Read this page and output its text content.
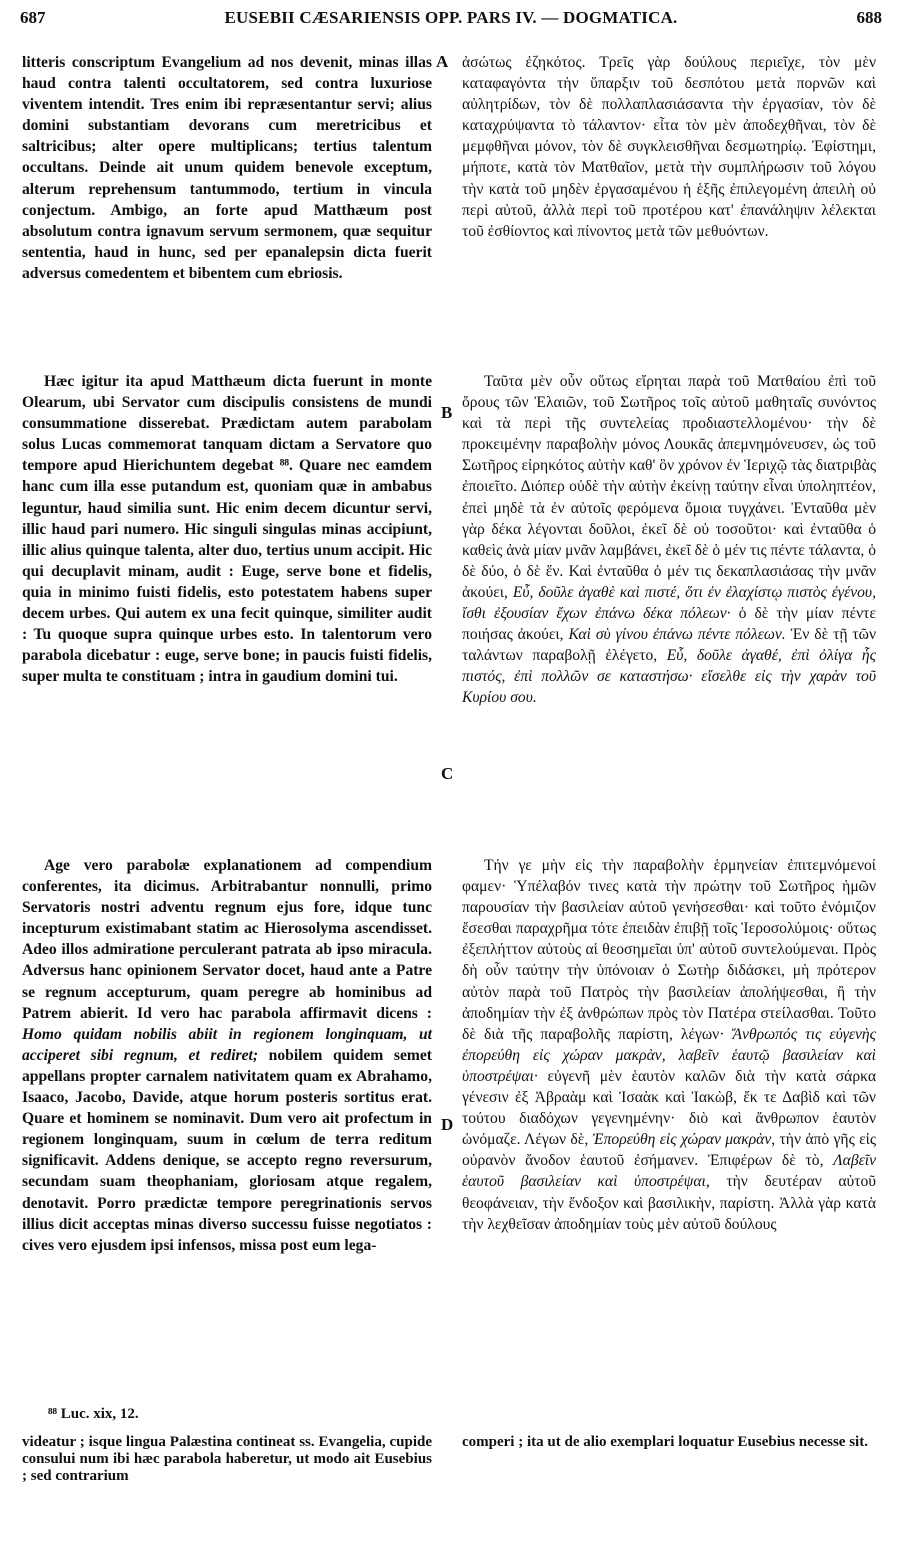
687	EUSEBII CÆSARIENSIS OPP. PARS IV. — DOGMATICA.	688
A
B
C
D

litteris conscriptum Evangelium ad nos devenit, minas illas haud contra talenti occultatorem, sed contra luxuriose viventem intendit. Tres enim ibi repræsentantur servi; alius domini substantiam devorans cum meretricibus et saltricibus; alter opere multiplicans; tertius talentum occultans. Deinde ait unum quidem benevole exceptum, alterum reprehensum tantummodo, tertium in vincula conjectum. Ambigo, an forte apud Matthæum post absolutum contra ignavum servum sermonem, quæ sequitur sententia, haud in hunc, sed per epanalepsin dicta fuerit adversus comedentem et bibentem cum ebriosis.

Hæc igitur ita apud Matthæum dicta fuerunt in monte Olearum, ubi Servator cum discipulis consistens de mundi consummatione disserebat. Prædictam autem parabolam solus Lucas commemorat tanquam dictam a Servatore quo tempore apud Hierichuntem degebat ⁸⁸. Quare nec eamdem hanc cum illa esse putandum est, quoniam quæ in ambabus leguntur, haud similia sunt. Hic enim decem dicuntur servi, illic haud pari numero. Hic singuli singulas minas accipiunt, illic alius quinque talenta, alter duo, tertius unum accipit. Hic qui decuplavit minam, audit : Euge, serve bone et fidelis, quia in minimo fuisti fidelis, esto potestatem habens super decem urbes. Qui autem ex una fecit quinque, similiter audit : Tu quoque supra quinque urbes esto. In talentorum vero parabola dicebatur : euge, serve bone; in paucis fuisti fidelis, super multa te constituam ; intra in gaudium domini tui.

Age vero parabolæ explanationem ad compendium conferentes, ita dicimus. Arbitrabantur nonnulli, primo Servatoris nostri adventu regnum ejus fore, idque tunc incepturum existimabant statim ac Hierosolyma ascendisset. Adeo illos admiratione perculerant patrata ab ipso miracula. Adversus hanc opinionem Servator docet, haud ante a Patre se regnum accepturum, quam peregre ab hominibus ad Patrem abierit. Id vero hac parabola affirmavit dicens : Homo quidam nobilis abiit in regionem longinquam, ut acciperet sibi regnum, et rediret; nobilem quidem semet appellans propter carnalem nativitatem quam ex Abrahamo, Isaaco, Jacobo, Davide, atque horum posteris sortitus erat. Quare et hominem se nominavit. Dum vero ait profectum in regionem longinquam, suum in cœlum de terra reditum significavit. Addens denique, se accepto regno reversurum, secundam suam theophaniam, gloriosam atque regalem, denotavit. Porro prædictæ tempore peregrinationis servos illius dicit acceptas minas diverso successu fuisse negotiatos : cives vero ejusdem ipsi infensos, missa post eum lega-

⁸⁸ Luc. xix, 12.

ἀσώτως ἐζηκότος. Τρεῖς γὰρ δούλους περιεῖχε, τὸν μὲν καταφαγόντα τὴν ὕπαρξιν τοῦ δεσπότου μετὰ πορνῶν καὶ αὐλητρίδων, τὸν δὲ πολλαπλασιάσαντα τὴν ἐργασίαν, τὸν δὲ καταχρύψαντα τὸ τάλαντον· εἶτα τὸν μὲν ἀποδεχθῆναι, τὸν δὲ μεμφθῆναι μόνον, τὸν δὲ συγκλεισθῆναι δεσμωτηρίῳ. Ἐφίστημι, μήποτε, κατὰ τὸν Ματθαῖον, μετὰ τὴν συμπλήρωσιν τοῦ λόγου τὴν κατὰ τοῦ μηδὲν ἐργασαμένου ἡ ἑξῆς ἐπιλεγομένη ἀπειλὴ οὐ περὶ αὐτοῦ, ἀλλὰ περὶ τοῦ προτέρου κατ' ἐπανάληψιν λέλεκται τοῦ ἐσθίοντος καὶ πίνοντος μετὰ τῶν μεθυόντων.

Ταῦτα μὲν οὖν οὕτως εἴρηται παρὰ τοῦ Ματθαίου ἐπὶ τοῦ ὄρους τῶν Ἐλαιῶν, τοῦ Σωτῆρος τοῖς αὐτοῦ μαθηταῖς συνόντος καὶ τὰ περὶ τῆς συντελείας προδιαστελλομένου· τὴν δὲ προκειμένην παραβολὴν μόνος Λουκᾶς ἀπεμνημόνευσεν, ὡς τοῦ Σωτῆρος εἰρηκότος αὐτὴν καθ' ὃν χρόνον ἐν Ἱεριχῷ τὰς διατριβὰς ἐποιεῖτο. Διόπερ οὐδὲ τὴν αὐτὴν ἐκείνῃ ταύτην εἶναι ὑποληπτέον, ἐπεὶ μηδὲ τὰ ἐν αὐτοῖς φερόμενα ὅμοια τυγχάνει. Ἐνταῦθα μὲν γὰρ δέκα λέγονται δοῦλοι, ἐκεῖ δὲ οὐ τοσοῦτοι· καὶ ἐνταῦθα ὁ καθεὶς ἀνὰ μίαν μνᾶν λαμβάνει, ἐκεῖ δὲ ὁ μέν τις πέντε τάλαντα, ὁ δὲ δύο, ὁ δὲ ἕν. Καὶ ἐνταῦθα ὁ μέν τις δεκαπλασιάσας τὴν μνᾶν ἀκούει, Εὖ, δοῦλε ἀγαθὲ καὶ πιστέ, ὅτι ἐν ἐλαχίστῳ πιστὸς ἐγένου, ἴσθι ἐξουσίαν ἔχων ἐπάνω δέκα πόλεων· ὁ δὲ τὴν μίαν πέντε ποιήσας ἀκούει, Καὶ σὺ γίνου ἐπάνω πέντε πόλεων. Ἐν δὲ τῇ τῶν ταλάντων παραβολῇ ἐλέγετο, Εὖ, δοῦλε ἀγαθέ, ἐπὶ ὀλίγα ἧς πιστός, ἐπὶ πολλῶν σε καταστήσω· εἴσελθε εἰς τὴν χαρὰν τοῦ Κυρίου σου.

Τήν γε μὴν εἰς τὴν παραβολὴν ἑρμηνείαν ἐπιτεμνόμενοί φαμεν· Ὑπέλαβόν τινες κατὰ τὴν πρώτην τοῦ Σωτῆρος ἡμῶν παρουσίαν τὴν βασιλείαν αὐτοῦ γενήσεσθαι· καὶ τοῦτο ἐνόμιζον ἔσεσθαι παραχρῆμα τότε ἐπειδὰν ἐπιβῇ τοῖς Ἱεροσολύμοις· οὕτως ἐξεπλήττον αὐτοὺς αἱ θεοσημεῖαι ὑπ' αὐτοῦ συντελούμεναι. Πρὸς δὴ οὖν ταύτην τὴν ὑπόνοιαν ὁ Σωτὴρ διδάσκει, μὴ πρότερον αὐτὸν παρὰ τοῦ Πατρὸς τὴν βασιλείαν ἀπολήψεσθαι, ἢ τὴν ἀποδημίαν τὴν ἐξ ἀνθρώπων πρὸς τὸν Πατέρα στείλασθαι. Τοῦτο δὲ διὰ τῆς παραβολῆς παρίστη, λέγων· Ἄνθρωπός τις εὐγενὴς ἐπορεύθη εἰς χώραν μακρὰν, λαβεῖν ἑαυτῷ βασιλείαν καὶ ὑποστρέψαι· εὐγενῆ μὲν ἑαυτὸν καλῶν διὰ τὴν κατὰ σάρκα γένεσιν ἐξ Ἀβραὰμ καὶ Ἰσαὰκ καὶ Ἰακὼβ, ἔκ τε Δαβὶδ καὶ τῶν τούτου διαδόχων γεγενημένην· διὸ καὶ ἄνθρωπον ἑαυτὸν ὠνόμαζε. Λέγων δὲ, Ἐπορεύθη εἰς χώραν μακρὰν, τὴν ἀπὸ γῆς εἰς οὐρανὸν ἄνοδον ἑαυτοῦ ἐσήμανεν. Ἐπιφέρων δὲ τὸ, Λαβεῖν ἑαυτοῦ βασιλείαν καὶ ὑποστρέψαι, τὴν δευτέραν αὐτοῦ θεοφάνειαν, τὴν ἔνδοξον καὶ βασιλικὴν, παρίστη. Ἀλλὰ γὰρ κατὰ τὴν λεχθεῖσαν ἀποδημίαν τοὺς μὲν αὐτοῦ δούλους

videatur ; isque lingua Palæstina contineat ss. Evangelia, cupide consului num ibi hæc parabola haberetur, ut modo ait Eusebius ; sed contrarium
comperi ; ita ut de alio exemplari loquatur Eusebius necesse sit.
